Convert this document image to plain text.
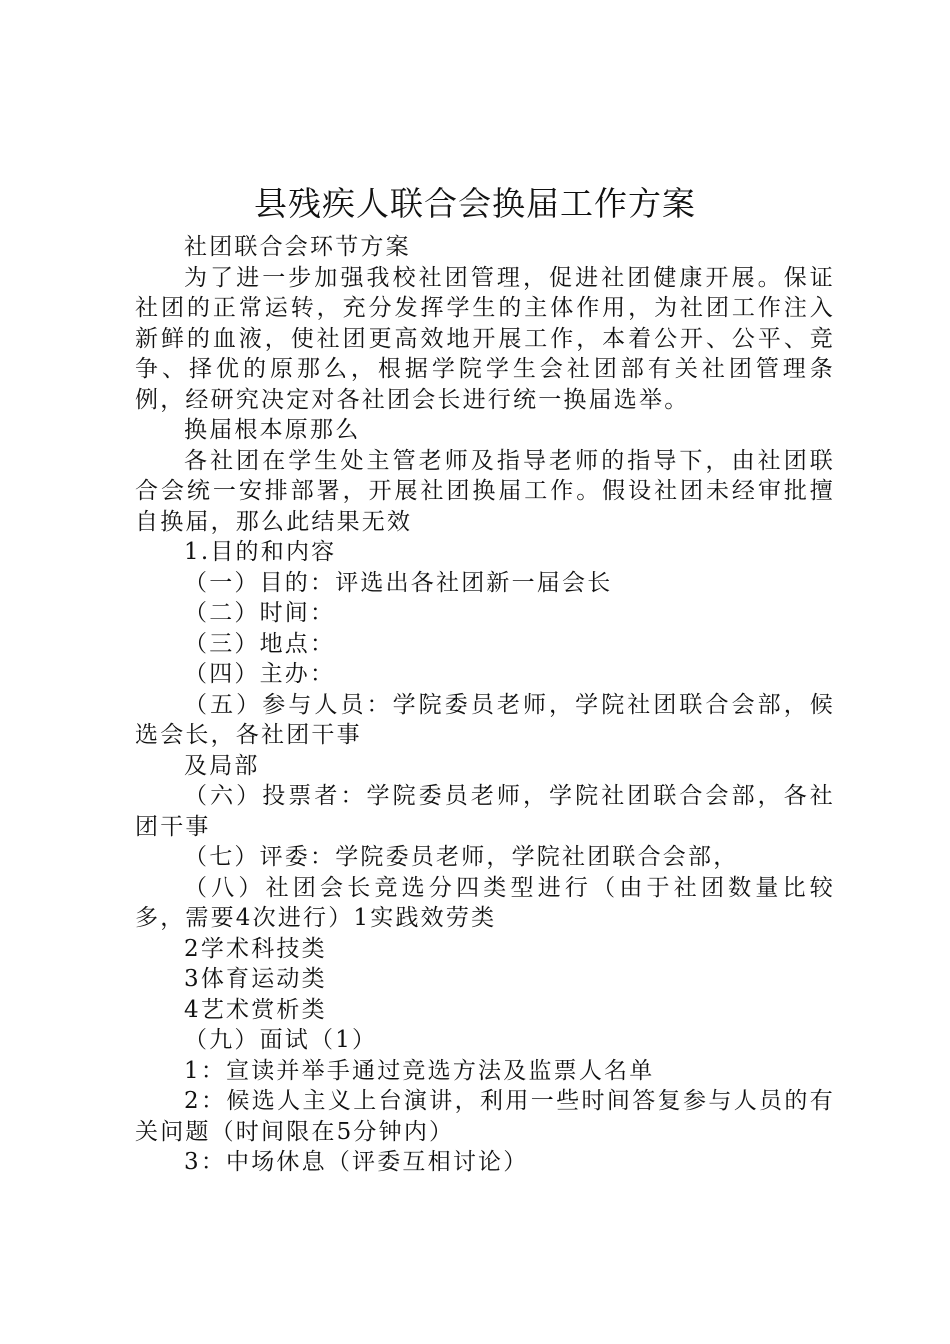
县残疾人联合会换届工作方案

社团联合会环节方案

为了进一步加强我校社团管理，促进社团健康开展。保证社团的正常运转，充分发挥学生的主体作用，为社团工作注入新鲜的血液，使社团更高效地开展工作，本着公开、公平、竞争、择优的原那么，根据学院学生会社团部有关社团管理条例，经研究决定对各社团会长进行统一换届选举。

换届根本原那么

各社团在学生处主管老师及指导老师的指导下，由社团联合会统一安排部署，开展社团换届工作。假设社团未经审批擅自换届，那么此结果无效

1.目的和内容

（一）目的：评选出各社团新一届会长

（二）时间：

（三）地点：

（四）主办：

（五）参与人员：学院委员老师，学院社团联合会部，候选会长，各社团干事

及局部

（六）投票者：学院委员老师，学院社团联合会部，各社团干事

（七）评委：学院委员老师，学院社团联合会部，

（八）社团会长竞选分四类型进行（由于社团数量比较多，需要4次进行）1实践效劳类

2学术科技类

3体育运动类

4艺术赏析类

（九）面试（1）

1：宣读并举手通过竞选方法及监票人名单

2：候选人主义上台演讲，利用一些时间答复参与人员的有关问题（时间限在5分钟内）

3：中场休息（评委互相讨论）
